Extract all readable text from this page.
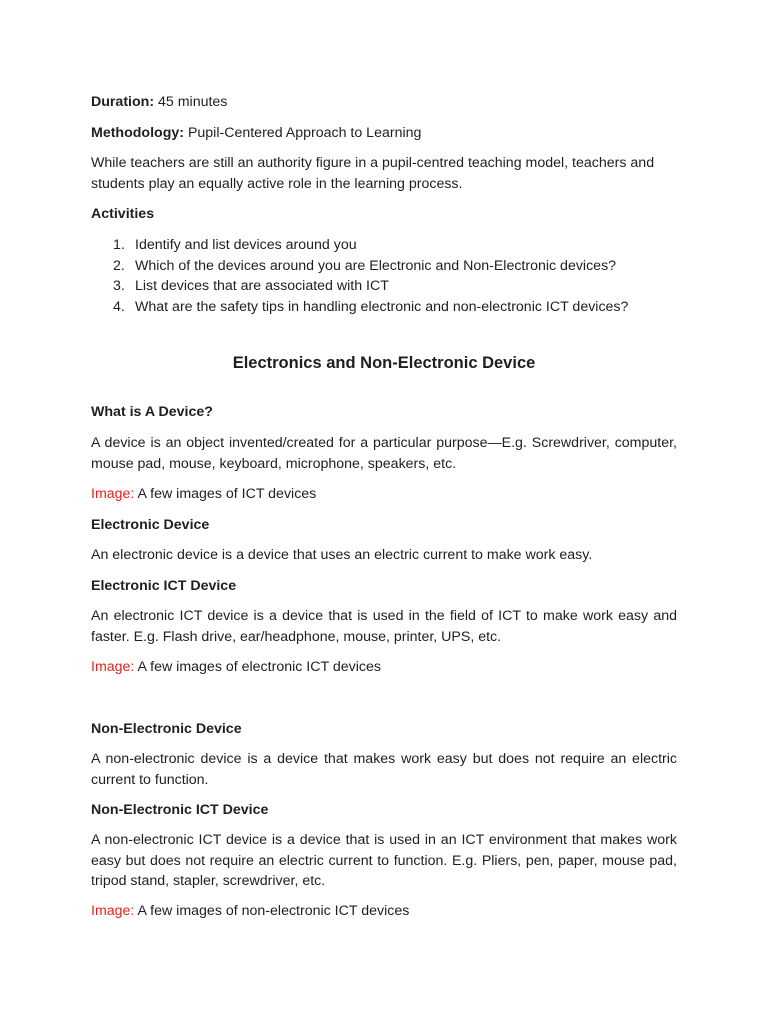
Duration: 45 minutes

Methodology: Pupil-Centered Approach to Learning

While teachers are still an authority figure in a pupil-centred teaching model, teachers and students play an equally active role in the learning process.

Activities

1. Identify and list devices around you
2. Which of the devices around you are Electronic and Non-Electronic devices?
3. List devices that are associated with ICT
4. What are the safety tips in handling electronic and non-electronic ICT devices?
Electronics and Non-Electronic Device

What is A Device?

A device is an object invented/created for a particular purpose—E.g. Screwdriver, computer, mouse pad, mouse, keyboard, microphone, speakers, etc.

Image: A few images of ICT devices

Electronic Device

An electronic device is a device that uses an electric current to make work easy.

Electronic ICT Device

An electronic ICT device is a device that is used in the field of ICT to make work easy and faster. E.g. Flash drive, ear/headphone, mouse, printer, UPS, etc.

Image: A few images of electronic ICT devices

Non-Electronic Device

A non-electronic device is a device that makes work easy but does not require an electric current to function.

Non-Electronic ICT Device

A non-electronic ICT device is a device that is used in an ICT environment that makes work easy but does not require an electric current to function. E.g. Pliers, pen, paper, mouse pad, tripod stand, stapler, screwdriver, etc.

Image: A few images of non-electronic ICT devices
